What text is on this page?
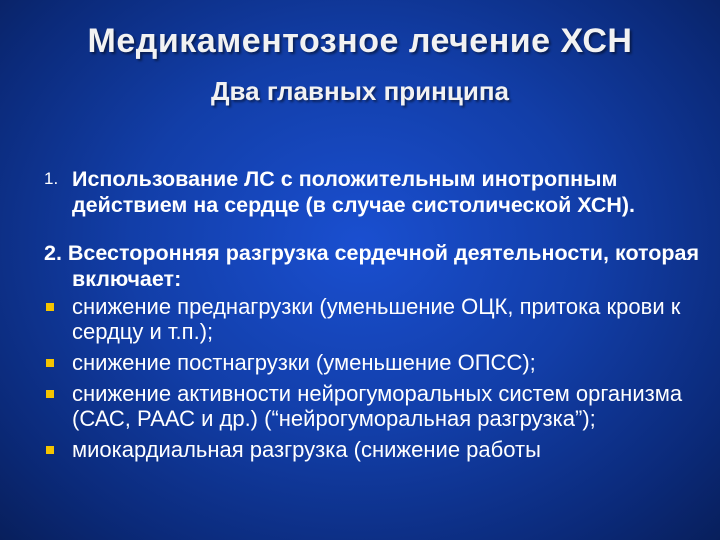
Медикаментозное лечение ХСН
Два главных принципа
1. Использование ЛС с положительным инотропным действием на сердце (в случае систолической ХСН).
2. Всесторонняя разгрузка сердечной деятельности, которая включает:
снижение преднагрузки (уменьшение ОЦК, притока крови к сердцу и т.п.);
снижение постнагрузки (уменьшение ОПСС);
снижение активности нейрогуморальных систем организма (САС, РААС и др.) (“нейрогуморальная разгрузка”);
миокардиальная разгрузка (снижение работы
